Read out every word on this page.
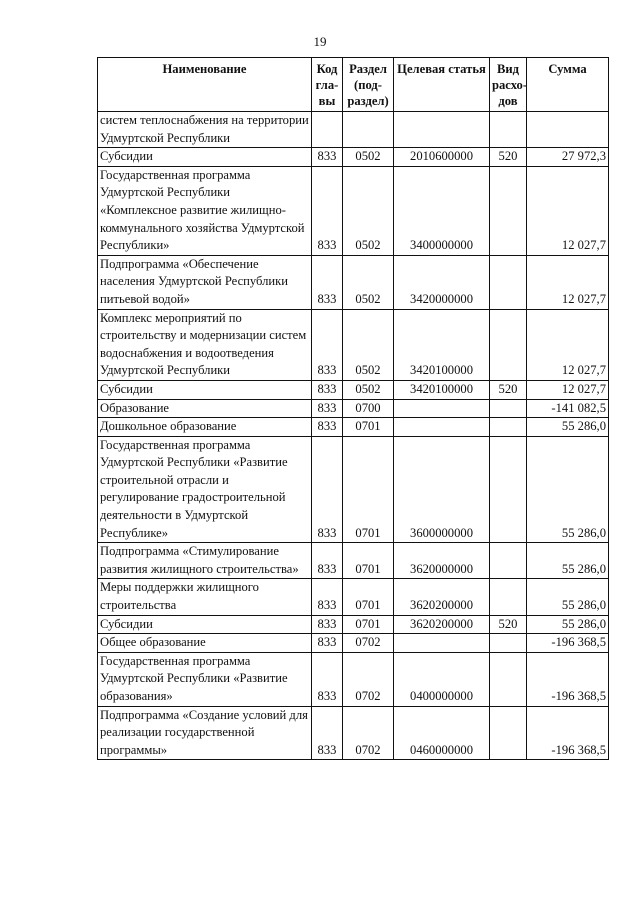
19
Наименование	Код гла- вы	Раздел (под- раздел)	Целевая статья	Вид расхо- дов	Сумма
систем теплоснабжения на территории Удмуртской Республики					
Субсидии	833	0502	2010600000	520	27 972,3
Государственная программа Удмуртской Республики «Комплексное развитие жилищно-коммунального хозяйства Удмуртской Республики»	833	0502	3400000000		12 027,7
Подпрограмма «Обеспечение населения Удмуртской Республики питьевой водой»	833	0502	3420000000		12 027,7
Комплекс мероприятий по строительству и модернизации систем водоснабжения и водоотведения Удмуртской Республики	833	0502	3420100000		12 027,7
Субсидии	833	0502	3420100000	520	12 027,7
Образование	833	0700			-141 082,5
Дошкольное образование	833	0701			55 286,0
Государственная программа Удмуртской Республики «Развитие строительной отрасли и регулирование градостроительной деятельности в Удмуртской Республике»	833	0701	3600000000		55 286,0
Подпрограмма «Стимулирование развития жилищного строительства»	833	0701	3620000000		55 286,0
Меры поддержки жилищного строительства	833	0701	3620200000		55 286,0
Субсидии	833	0701	3620200000	520	55 286,0
Общее образование	833	0702			-196 368,5
Государственная программа Удмуртской Республики «Развитие образования»	833	0702	0400000000		-196 368,5
Подпрограмма «Создание условий для реализации государственной программы»	833	0702	0460000000		-196 368,5
